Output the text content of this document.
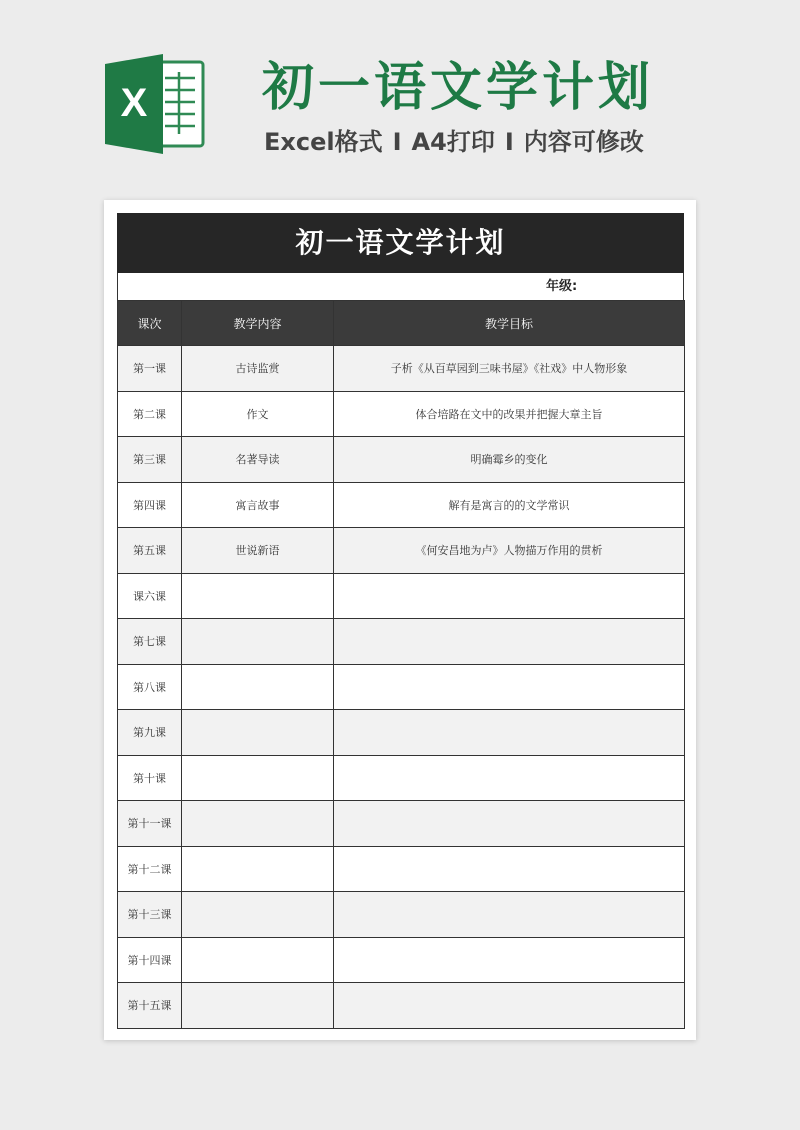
X 初一语文学计划
Excel格式 I A4打印 I 内容可修改
初一语文学计划
年级:
课次	教学内容	教学目标
第一课	古诗监赏	子析《从百草园到三味书屋》《社戏》中人物形象
第二课	作文	体合培路在文中的改果并把握大章主旨
第三课	名著导读	明确霉乡的变化
第四课	寓言故事	解有是寓言的的文学常识
第五课	世说新语	《何安昌地为卢》人物描万作用的贯析
课六课		
第七课		
第八课		
第九课		
第十课		
第十一课		
第十二课		
第十三课		
第十四课		
第十五课		
